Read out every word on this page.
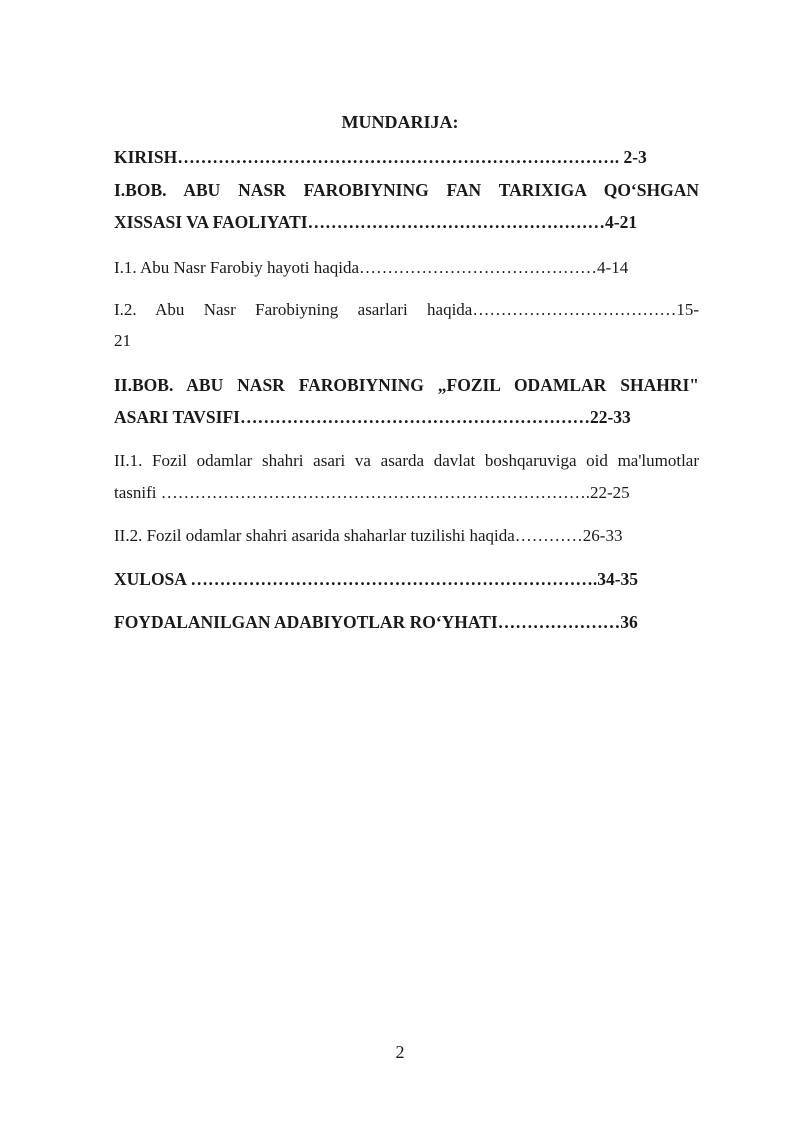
MUNDARIJA:
KIRISH…………………………………………………………………. 2-3
I.BOB. ABU NASR FAROBIYNING FAN TARIXIGA QO‘SHGAN
XISSASI VA FAOLIYATI……………………………………………4-21
I.1. Abu Nasr Farobiy hayoti haqida……………………………………4-14
I.2. Abu Nasr Farobiyning asarlari haqida………………………………15-
21
II.BOB. ABU NASR FAROBIYNING „FOZIL ODAMLAR SHAHRI"
ASARI TAVSIFI……………………………………………………22-33
II.1. Fozil odamlar shahri asari va asarda davlat boshqaruviga oid ma'lumotlar
tasnifi ………………………………………………………………….22-25
II.2. Fozil odamlar shahri asarida shaharlar tuzilishi haqida…………26-33
XULOSA …………………………………………………………….34-35
FOYDALANILGAN ADABIYOTLAR RO‘YHATI…………………36
2
